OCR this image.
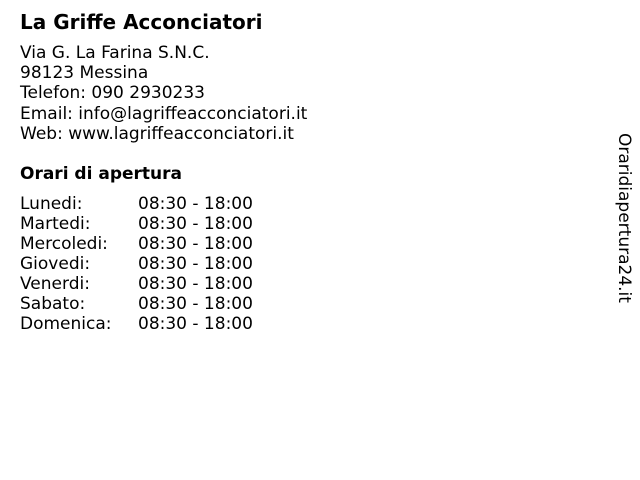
La Griffe Acconciatori
Via G. La Farina S.N.C.
98123 Messina
Telefon: 090 2930233
Email: info@lagriffeacconciatori.it
Web: www.lagriffeacconciatori.it
Orari di apertura
Lunedi:	08:30 - 18:00
Martedi:	08:30 - 18:00
Mercoledi: 08:30 - 18:00
Giovedi:	08:30 - 18:00
Venerdi:	08:30 - 18:00
Sabato:	08:30 - 18:00
Domenica: 08:30 - 18:00
Oraridiapertura24.it
